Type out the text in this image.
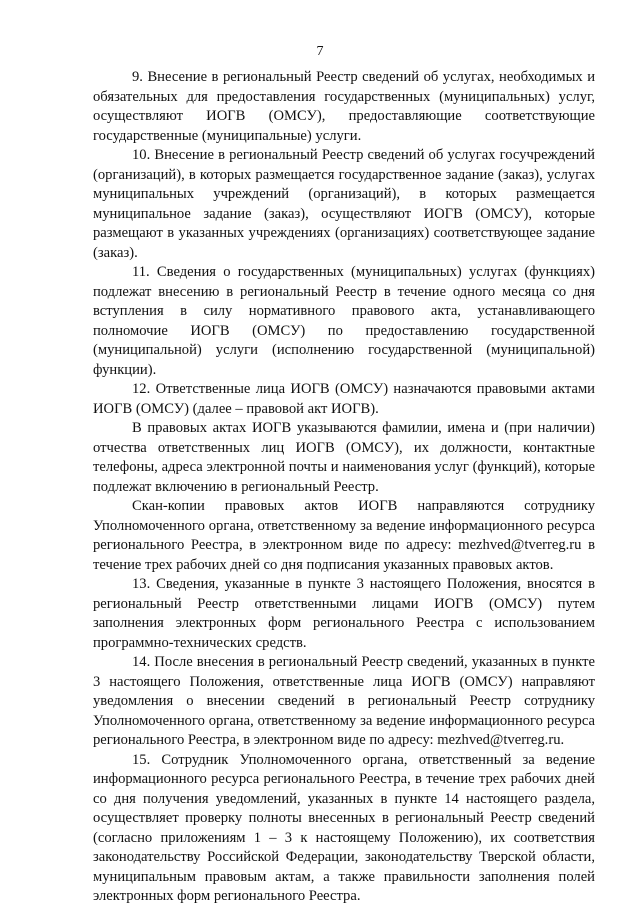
7

9. Внесение в региональный Реестр сведений об услугах, необходимых и обязательных для предоставления государственных (муниципальных) услуг, осуществляют ИОГВ (ОМСУ), предоставляющие соответствующие государственные (муниципальные) услуги.

10. Внесение в региональный Реестр сведений об услугах госучреждений (организаций), в которых размещается государственное задание (заказ), услугах муниципальных учреждений (организаций), в которых размещается муниципальное задание (заказ), осуществляют ИОГВ (ОМСУ), которые размещают в указанных учреждениях (организациях) соответствующее задание (заказ).

11. Сведения о государственных (муниципальных) услугах (функциях) подлежат внесению в региональный Реестр в течение одного месяца со дня вступления в силу нормативного правового акта, устанавливающего полномочие ИОГВ (ОМСУ) по предоставлению государственной (муниципальной) услуги (исполнению государственной (муниципальной) функции).

12. Ответственные лица ИОГВ (ОМСУ) назначаются правовыми актами ИОГВ (ОМСУ) (далее – правовой акт ИОГВ).

В правовых актах ИОГВ указываются фамилии, имена и (при наличии) отчества ответственных лиц ИОГВ (ОМСУ), их должности, контактные телефоны, адреса электронной почты и наименования услуг (функций), которые подлежат включению в региональный Реестр.

Скан-копии правовых актов ИОГВ направляются сотруднику Уполномоченного органа, ответственному за ведение информационного ресурса регионального Реестра, в электронном виде по адресу: mezhved@tverreg.ru в течение трех рабочих дней со дня подписания указанных правовых актов.

13. Сведения, указанные в пункте 3 настоящего Положения, вносятся в региональный Реестр ответственными лицами ИОГВ (ОМСУ) путем заполнения электронных форм регионального Реестра с использованием программно-технических средств.

14. После внесения в региональный Реестр сведений, указанных в пункте 3 настоящего Положения, ответственные лица ИОГВ (ОМСУ) направляют уведомления о внесении сведений в региональный Реестр сотруднику Уполномоченного органа, ответственному за ведение информационного ресурса регионального Реестра, в электронном виде по адресу: mezhved@tverreg.ru.

15. Сотрудник Уполномоченного органа, ответственный за ведение информационного ресурса регионального Реестра, в течение трех рабочих дней со дня получения уведомлений, указанных в пункте 14 настоящего раздела, осуществляет проверку полноты внесенных в региональный Реестр сведений (согласно приложениям 1 – 3 к настоящему Положению), их соответствия законодательству Российской Федерации, законодательству Тверской области, муниципальным правовым актам, а также правильности заполнения полей электронных форм регионального Реестра.
